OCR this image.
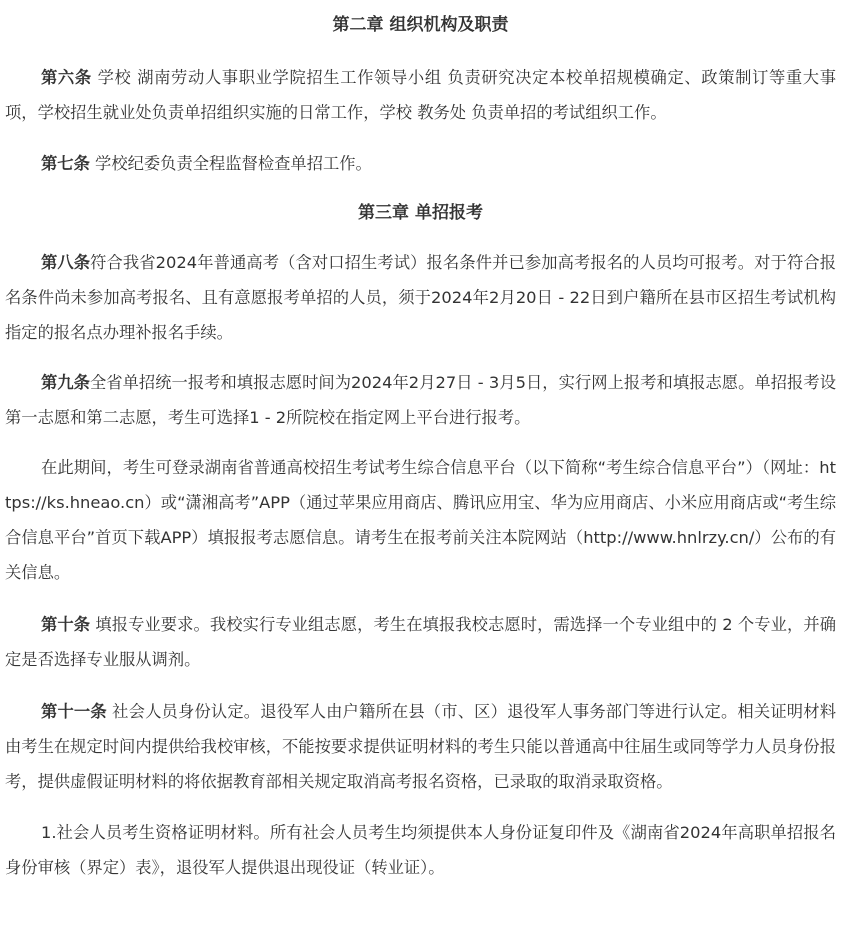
第二章 组织机构及职责

第六条 学校 湖南劳动人事职业学院招生工作领导小组 负责研究决定本校单招规模确定、政策制订等重大事项，学校招生就业处负责单招组织实施的日常工作，学校 教务处 负责单招的考试组织工作。

第七条 学校纪委负责全程监督检查单招工作。

第三章 单招报考

第八条符合我省2024年普通高考（含对口招生考试）报名条件并已参加高考报名的人员均可报考。对于符合报名条件尚未参加高考报名、且有意愿报考单招的人员，须于2024年2月20日 - 22日到户籍所在县市区招生考试机构指定的报名点办理补报名手续。

第九条全省单招统一报考和填报志愿时间为2024年2月27日 - 3月5日，实行网上报考和填报志愿。单招报考设第一志愿和第二志愿，考生可选择1 - 2所院校在指定网上平台进行报考。

在此期间，考生可登录湖南省普通高校招生考试考生综合信息平台（以下简称“考生综合信息平台”）（网址：https://ks.hneao.cn）或“潇湘高考”APP（通过苹果应用商店、腾讯应用宝、华为应用商店、小米应用商店或“考生综合信息平台”首页下载APP）填报报考志愿信息。请考生在报考前关注本院网站（http://www.hnlrzy.cn/）公布的有关信息。

第十条 填报专业要求。我校实行专业组志愿，考生在填报我校志愿时，需选择一个专业组中的 2 个专业，并确定是否选择专业服从调剂。

第十一条 社会人员身份认定。退役军人由户籍所在县（市、区）退役军人事务部门等进行认定。相关证明材料由考生在规定时间内提供给我校审核，不能按要求提供证明材料的考生只能以普通高中往届生或同等学力人员身份报考，提供虚假证明材料的将依据教育部相关规定取消高考报名资格，已录取的取消录取资格。

1.社会人员考生资格证明材料。所有社会人员考生均须提供本人身份证复印件及《湖南省2024年高职单招报名身份审核（界定）表》，退役军人提供退出现役证（转业证）。
